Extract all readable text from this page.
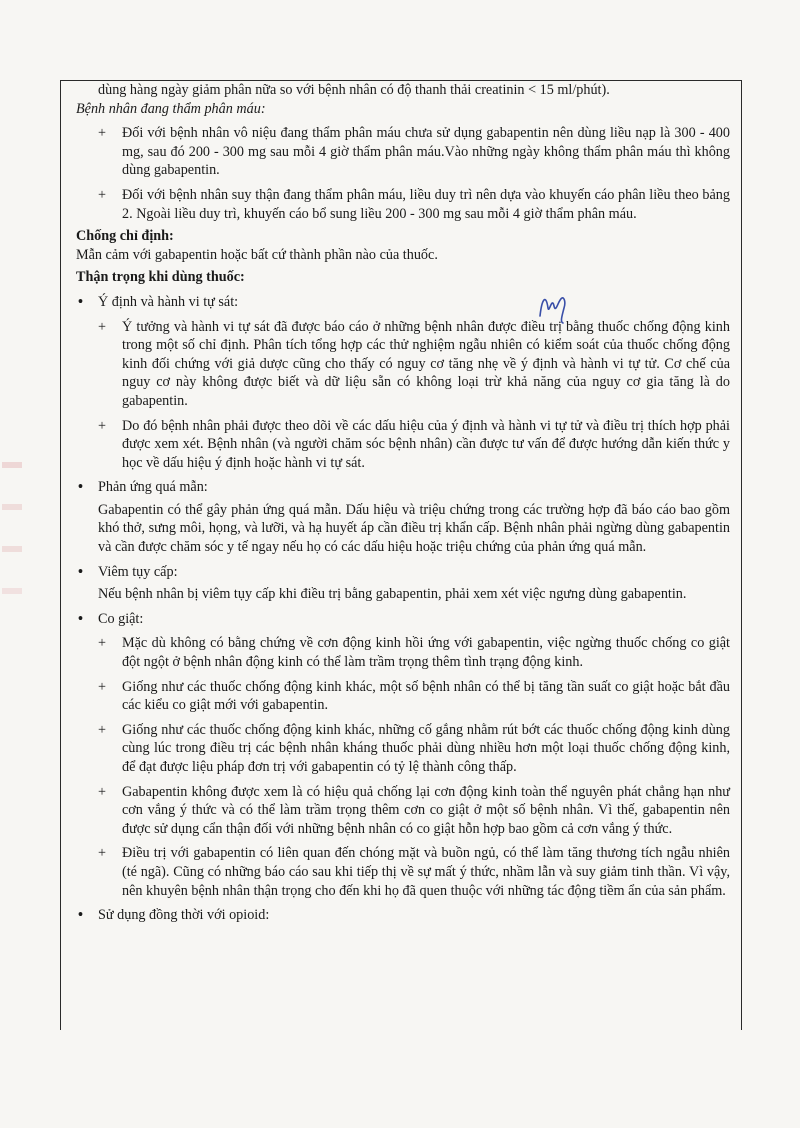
dùng hàng ngày giảm phân nữa so với bệnh nhân có độ thanh thải creatinin < 15 ml/phút).

Bệnh nhân đang thẩm phân máu:

+ Đối với bệnh nhân vô niệu đang thẩm phân máu chưa sử dụng gabapentin nên dùng liều nạp là 300 - 400 mg, sau đó 200 - 300 mg sau mỗi 4 giờ thẩm phân máu.Vào những ngày không thẩm phân máu thì không dùng gabapentin.

+ Đối với bệnh nhân suy thận đang thẩm phân máu, liều duy trì nên dựa vào khuyến cáo phân liều theo bảng 2. Ngoài liều duy trì, khuyến cáo bổ sung liều 200 - 300 mg sau mỗi 4 giờ thẩm phân máu.

Chống chỉ định:

Mẫn cảm với gabapentin hoặc bất cứ thành phần nào của thuốc.

Thận trọng khi dùng thuốc:

• Ý định và hành vi tự sát:

+ Ý tưởng và hành vi tự sát đã được báo cáo ở những bệnh nhân được điều trị bằng thuốc chống động kinh trong một số chỉ định. Phân tích tổng hợp các thử nghiệm ngẫu nhiên có kiểm soát của thuốc chống động kinh đối chứng với giả dược cũng cho thấy có nguy cơ tăng nhẹ về ý định và hành vi tự tử. Cơ chế của nguy cơ này không được biết và dữ liệu sẵn có không loại trừ khả năng của nguy cơ gia tăng là do gabapentin.

+ Do đó bệnh nhân phải được theo dõi về các dấu hiệu của ý định và hành vi tự tử và điều trị thích hợp phải được xem xét. Bệnh nhân (và người chăm sóc bệnh nhân) cần được tư vấn để được hướng dẫn kiến thức y học về dấu hiệu ý định hoặc hành vi tự sát.

• Phản ứng quá mẫn:

Gabapentin có thể gây phản ứng quá mẫn. Dấu hiệu và triệu chứng trong các trường hợp đã báo cáo bao gồm khó thở, sưng môi, họng, và lưỡi, và hạ huyết áp cần điều trị khẩn cấp. Bệnh nhân phải ngừng dùng gabapentin và cần được chăm sóc y tế ngay nếu họ có các dấu hiệu hoặc triệu chứng của phản ứng quá mẫn.

• Viêm tụy cấp:

Nếu bệnh nhân bị viêm tụy cấp khi điều trị bằng gabapentin, phải xem xét việc ngưng dùng gabapentin.

• Co giật:

+ Mặc dù không có bằng chứng về cơn động kinh hồi ứng với gabapentin, việc ngừng thuốc chống co giật đột ngột ở bệnh nhân động kinh có thể làm trầm trọng thêm tình trạng động kinh.

+ Giống như các thuốc chống động kinh khác, một số bệnh nhân có thể bị tăng tần suất co giật hoặc bắt đầu các kiểu co giật mới với gabapentin.

+ Giống như các thuốc chống động kinh khác, những cố gắng nhằm rút bớt các thuốc chống động kinh dùng cùng lúc trong điều trị các bệnh nhân kháng thuốc phải dùng nhiều hơn một loại thuốc chống động kinh, để đạt được liệu pháp đơn trị với gabapentin có tỷ lệ thành công thấp.

+ Gabapentin không được xem là có hiệu quả chống lại cơn động kinh toàn thể nguyên phát chẳng hạn như cơn vắng ý thức và có thể làm trầm trọng thêm cơn co giật ở một số bệnh nhân. Vì thế, gabapentin nên được sử dụng cẩn thận đối với những bệnh nhân có co giật hỗn hợp bao gồm cả cơn vắng ý thức.

+ Điều trị với gabapentin có liên quan đến chóng mặt và buồn ngủ, có thể làm tăng thương tích ngẫu nhiên (té ngã). Cũng có những báo cáo sau khi tiếp thị về sự mất ý thức, nhầm lẫn và suy giảm tinh thần. Vì vậy, nên khuyên bệnh nhân thận trọng cho đến khi họ đã quen thuộc với những tác động tiềm ẩn của sản phẩm.

• Sử dụng đồng thời với opioid:
